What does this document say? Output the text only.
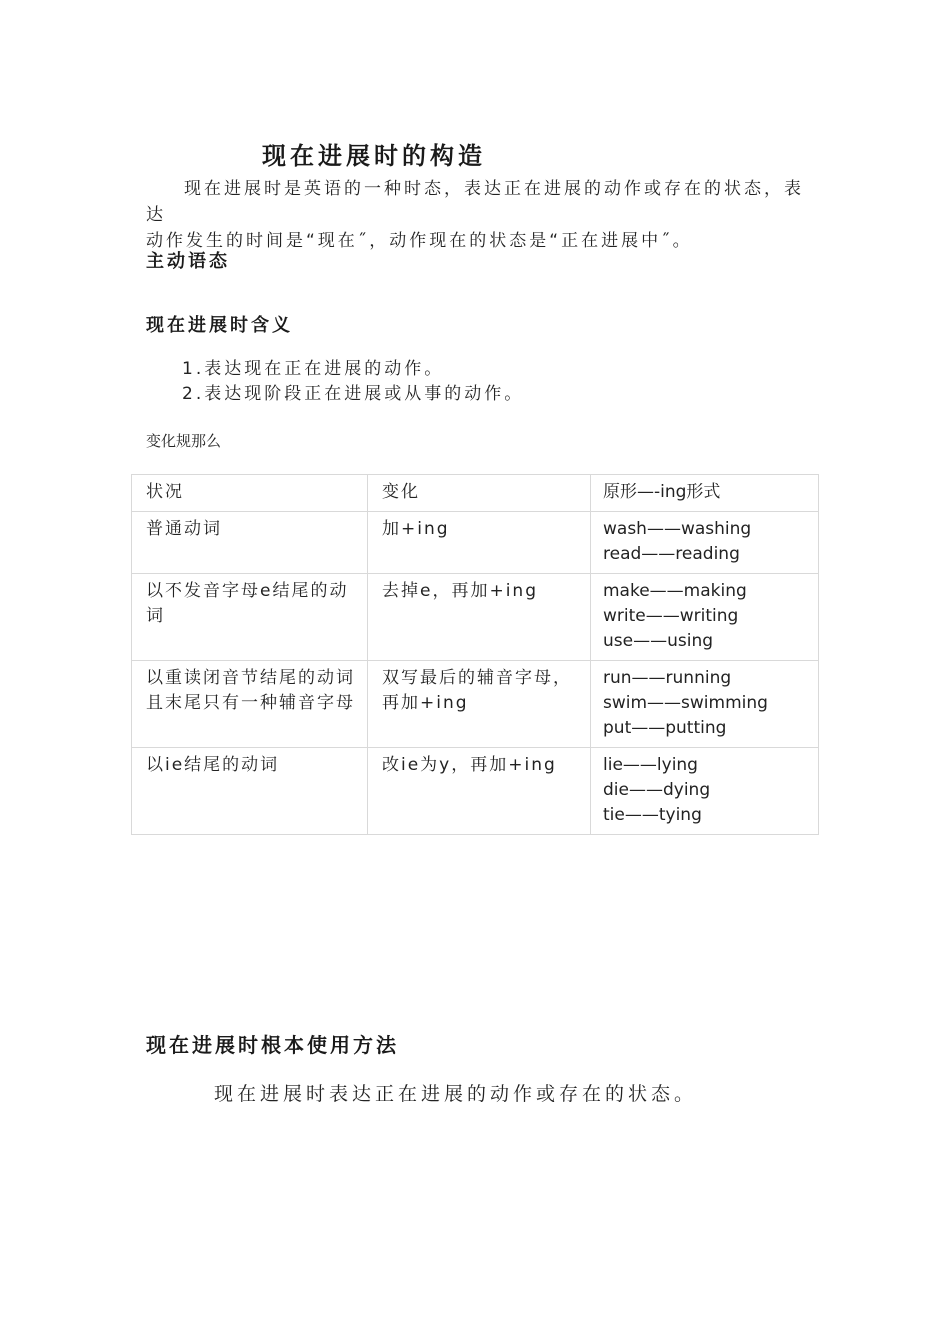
现在进展时的构造
现在进展时是英语的一种时态，表达正在进展的动作或存在的状态，表达
动作发生的时间是“现在˝，动作现在的状态是“正在进展中˝。
主动语态
现在进展时含义
1.表达现在正在进展的动作。
2.表达现阶段正在进展或从事的动作。
变化规那么
状况	变化	原形—-ing形式
普通动词	加+ing	wash——washing
read——reading

以不发音字母e结尾的动词	去掉e，再加+ing	make——making
write——writing
use——using

以重读闭音节结尾的动词且末尾只有一种辅音字母	双写最后的辅音字母，再加+ing	run——running
swim——swimming
put——putting

以ie结尾的动词	改ie为y，再加+ing	lie——lying
die——dying
tie——tying
现在进展时根本使用方法
现在进展时表达正在进展的动作或存在的状态。
